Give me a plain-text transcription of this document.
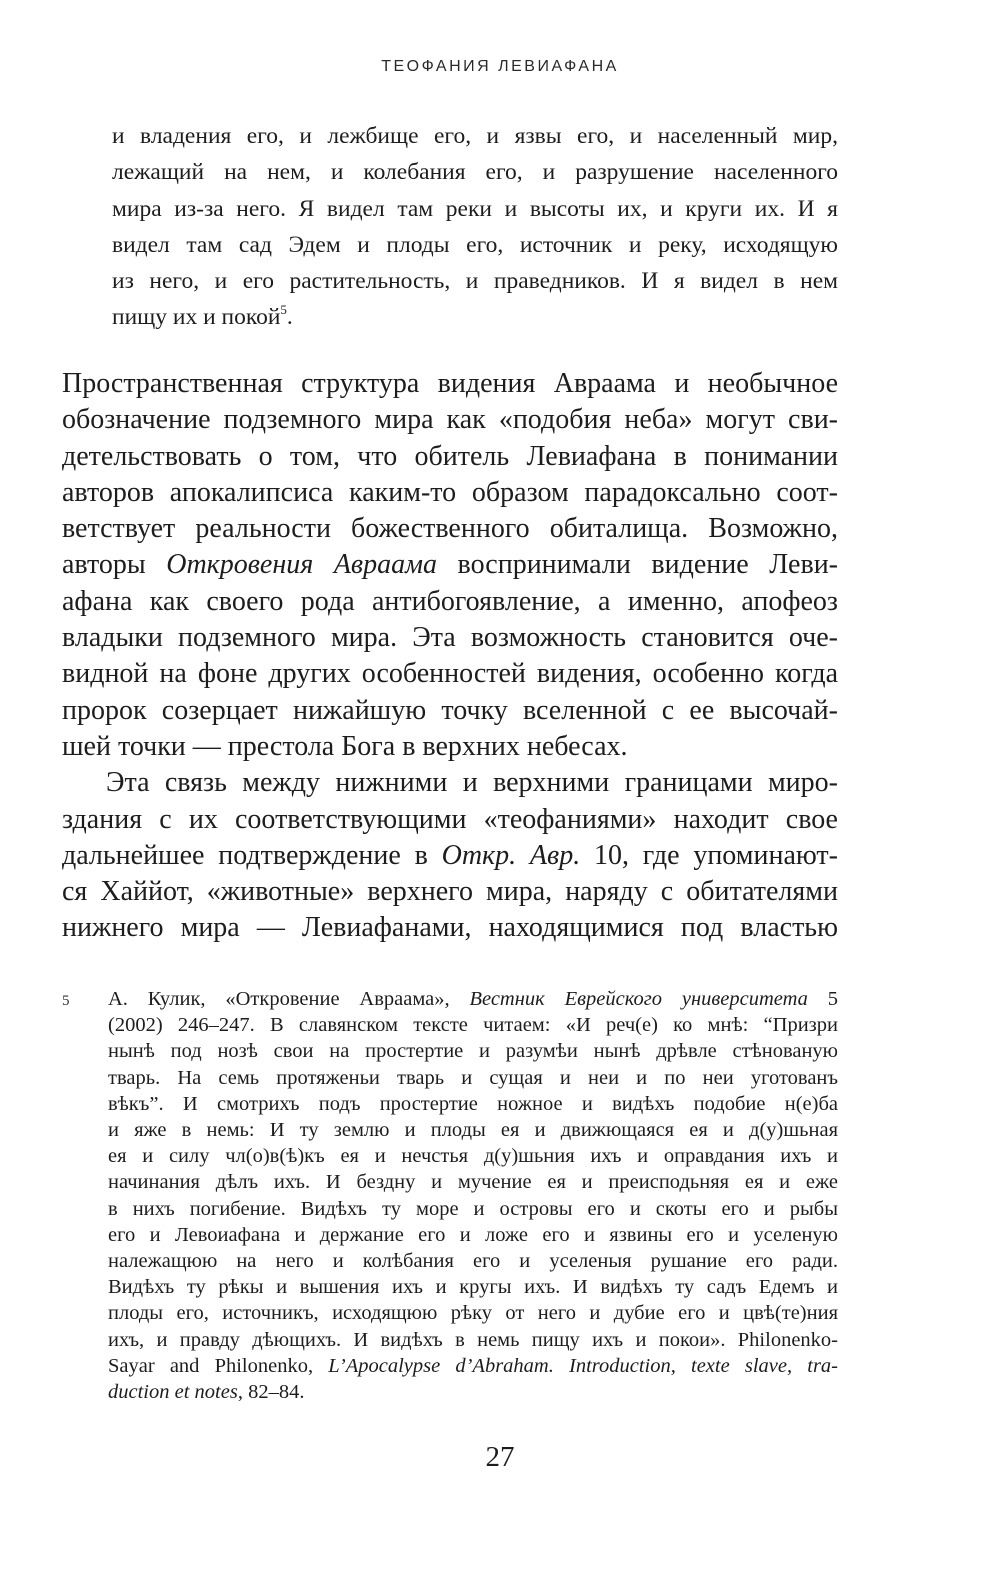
ТЕОФАНИЯ ЛЕВИАФАНА
и владения его, и лежбище его, и язвы его, и населенный мир,
лежащий на нем, и колебания его, и разрушение населенного
мира из-за него. Я видел там реки и высоты их, и круги их. И я
видел там сад Эдем и плоды его, источник и реку, исходящую
из него, и его растительность, и праведников. И я видел в нем
пищу их и покой$^5$.
Пространственная структура видения Авраама и необычное
обозначение подземного мира как «подобия неба» могут сви-
детельствовать о том, что обитель Левиафана в понимании
авторов апокалипсиса каким-то образом парадоксально соот-
ветствует реальности божественного обиталища. Возможно,
авторы Откровения Авраама воспринимали видение Леви-
афана как своего рода антибогоявление, а именно, апофеоз
владыки подземного мира. Эта возможность становится оче-
видной на фоне других особенностей видения, особенно когда
пророк созерцает нижайшую точку вселенной с ее высочай-
шей точки — престола Бога в верхних небесах.
Эта связь между нижними и верхними границами миро-
здания с их соответствующими «теофаниями» находит свое
дальнейшее подтверждение в Откр. Авр. 10, где упоминают-
ся Хаййот, «животные» верхнего мира, наряду с обитателями
нижнего мира — Левиафанами, находящимися под властью
5 А. Кулик, «Откровение Авраама», Вестник Еврейского университета 5
(2002) 246–247. В славянском тексте читаем: «И реч(е) ко мнѣ: “Призри
нынѣ под нозѣ свои на простертие и разумѣи нынѣ дрѣвле стѣнованую
тварь. На семь протяженьи тварь и сущая и неи и по неи уготованъ
вѣкъ”. И смотрихъ подъ простертие ножное и видѣхъ подобие н(е)ба
и яже в немь: И ту землю и плоды ея и движющаяся ея и д(у)шьная
ея и силу чл(о)в(ѣ)къ ея и нечстья д(у)шьния ихъ и оправдания ихъ и
начинания дѣлъ ихъ. И бездну и мучение ея и преисподьняя ея и еже
в нихъ погибение. Видѣхъ ту море и островы его и скоты его и рыбы
его и Левоиафана и держание его и ложе его и язвины его и уселеную
належащюю на него и колѣбания его и уселеныя рушание его ради.
Видѣхъ ту рѣкы и вышения ихъ и кругы ихъ. И видѣхъ ту садъ Едемъ и
плоды его, источникъ, исходящюю рѣку от него и дубие его и цвѣ(те)ния
ихъ, и правду дѣющихъ. И видѣхъ в немь пищу ихъ и покои». Philonenko-
Sayar and Philonenko, L’Apocalypse d’Abraham. Introduction, texte slave, tra-
duction et notes, 82–84.
27
